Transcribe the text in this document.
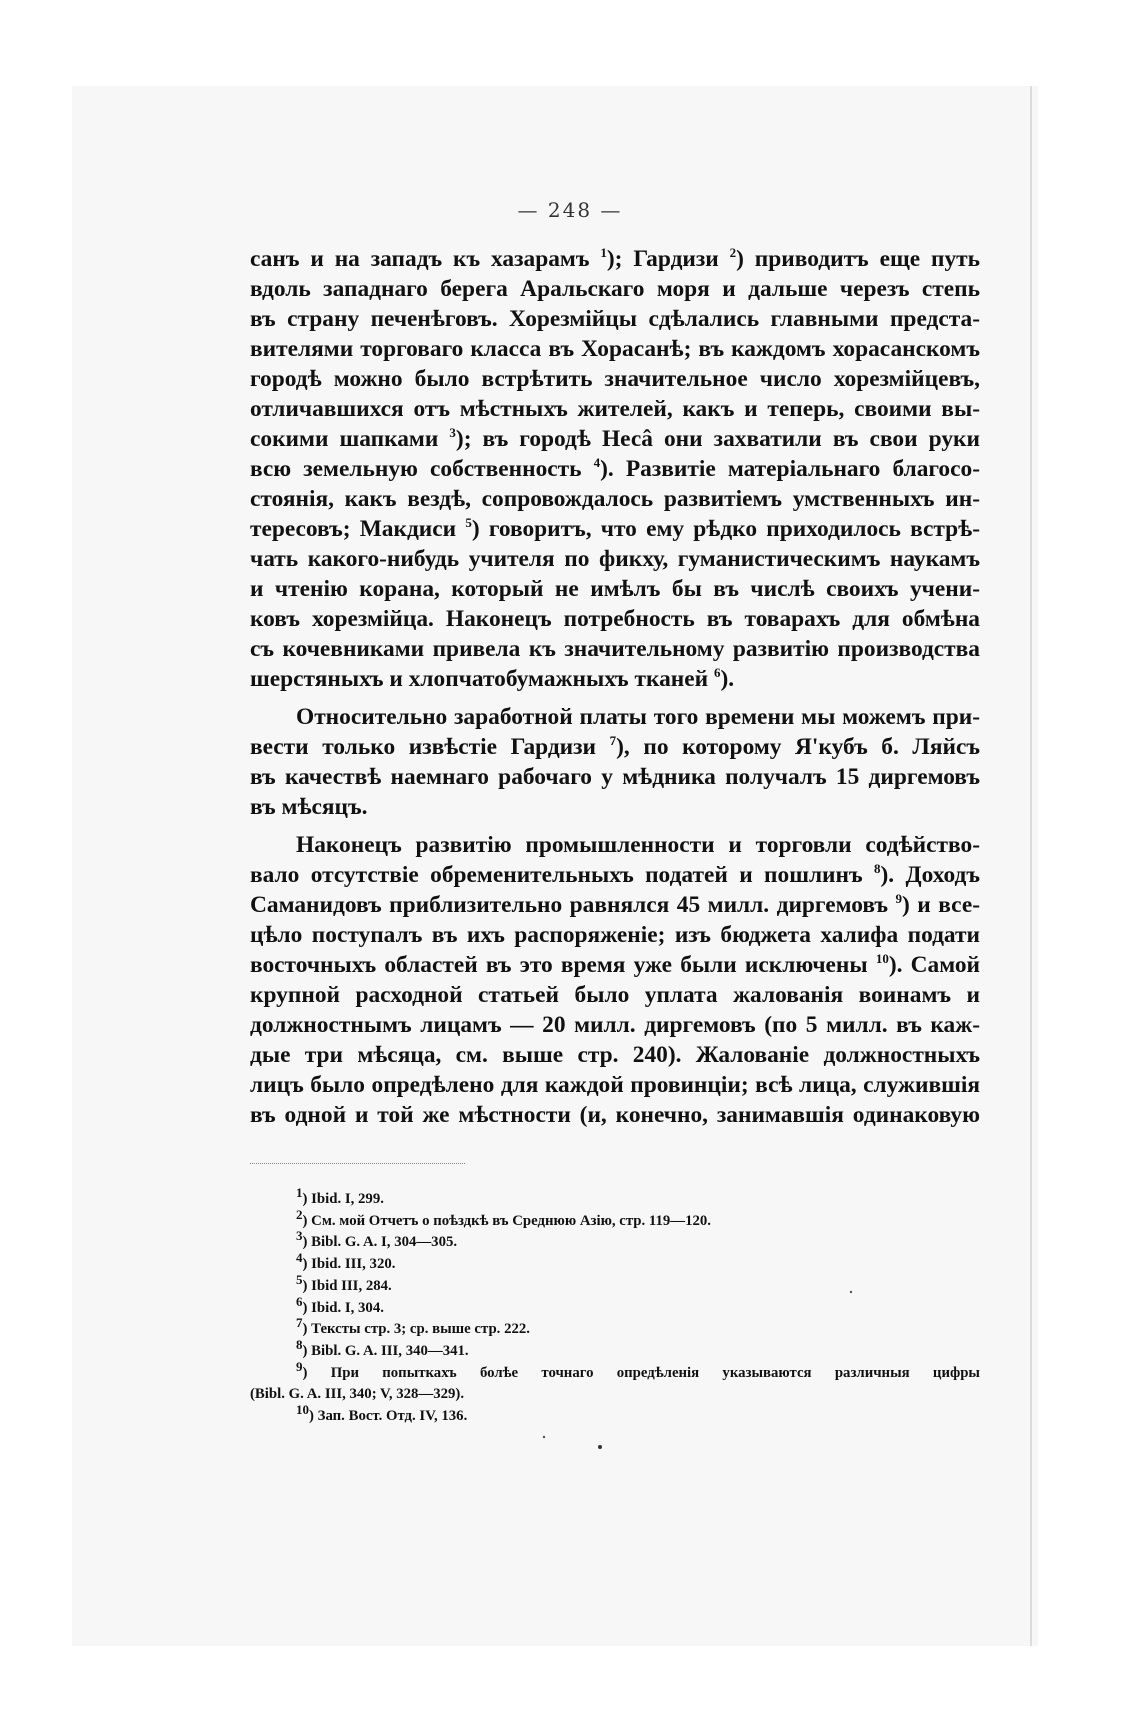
— 248 —
санъ и на западъ къ хазарамъ $^1$); Гардизи $^2$) приводитъ еще путь
вдоль западнаго берега Аральскаго моря и дальше черезъ степь
въ страну печенѣговъ. Хорезмійцы сдѣлались главными предста-
вителями торговаго класса въ Хорасанѣ; въ каждомъ хорасанскомъ
городѣ можно было встрѣтить значительное число хорезмійцевъ,
отличавшихся отъ мѣстныхъ жителей, какъ и теперь, своими вы-
сокими шапками $^3$); въ городѣ Несâ они захватили въ свои руки
всю земельную собственность $^4$). Развитіе матеріальнаго благосо-
стоянія, какъ вездѣ, сопровождалось развитіемъ умственныхъ ин-
тересовъ; Макдиси $^5$) говоритъ, что ему рѣдко приходилось встрѣ-
чать какого-нибудь учителя по фикху, гуманистическимъ наукамъ
и чтенію корана, который не имѣлъ бы въ числѣ своихъ учени-
ковъ хорезмійца. Наконецъ потребность въ товарахъ для обмѣна
съ кочевниками привела къ значительному развитію производства
шерстяныхъ и хлопчатобумажныхъ тканей $^6$).
Относительно заработной платы того времени мы можемъ при-
вести только извѣстіе Гардизи $^7$), по которому Я'кубъ б. Ляйсъ
въ качествѣ наемнаго рабочаго у мѣдника получалъ 15 диргемовъ
въ мѣсяцъ.
Наконецъ развитію промышленности и торговли содѣйство-
вало отсутствіе обременительныхъ податей и пошлинъ $^8$). Доходъ
Саманидовъ приблизительно равнялся 45 милл. диргемовъ $^9$) и все-
цѣло поступалъ въ ихъ распоряженіе; изъ бюджета халифа подати
восточныхъ областей въ это время уже были исключены $^{10}$). Самой
крупной расходной статьей было уплата жалованія воинамъ и
должностнымъ лицамъ — 20 милл. диргемовъ (по 5 милл. въ каж-
дые три мѣсяца, см. выше стр. 240). Жалованіе должностныхъ
лицъ было опредѣлено для каждой провинціи; всѣ лица, служившія
въ одной и той же мѣстности (и, конечно, занимавшія одинаковую
$^1$) Ibid. I, 299.
$^2$) См. мой Отчетъ о поѣздкѣ въ Среднюю Азію, стр. 119—120.
$^3$) Bibl. G. A. I, 304—305.
$^4$) Ibid. III, 320.
$^5$) Ibid III, 284.
$^6$) Ibid. I, 304.
$^7$) Тексты стр. 3; ср. выше стр. 222.
$^8$) Bibl. G. A. III, 340—341.
$^9$) При попыткахъ болѣе точнаго опредѣленія указываются различныя цифры
(Bibl. G. A. III, 340; V, 328—329).
$^{10}$) Зап. Вост. Отд. IV, 136.
